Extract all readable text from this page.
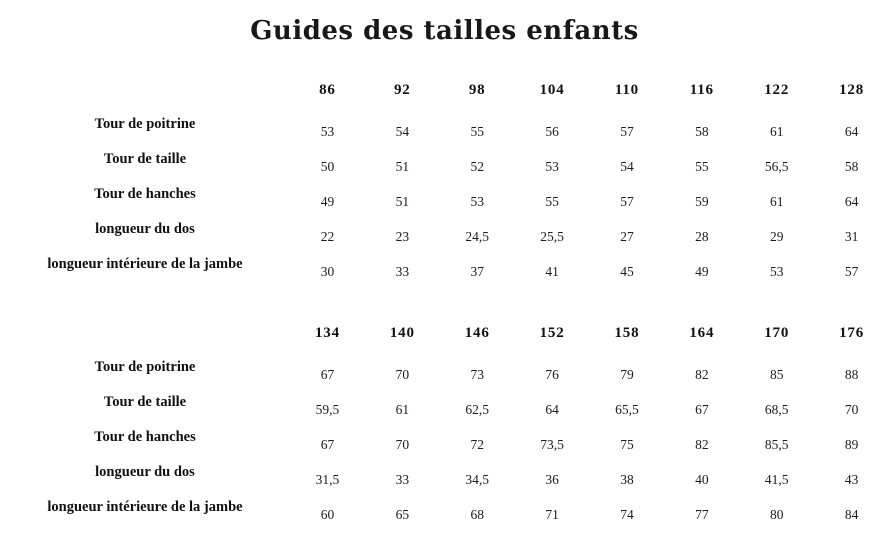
Guides des tailles enfants
86	92	98	104	110	116	122	128
Tour de poitrine	53	54	55	56	57	58	61	64
Tour de taille	50	51	52	53	54	55	56,5	58
Tour de hanches	49	51	53	55	57	59	61	64
longueur du dos	22	23	24,5	25,5	27	28	29	31
longueur intérieure de la jambe	30	33	37	41	45	49	53	57
134	140	146	152	158	164	170	176
Tour de poitrine	67	70	73	76	79	82	85	88
Tour de taille	59,5	61	62,5	64	65,5	67	68,5	70
Tour de hanches	67	70	72	73,5	75	82	85,5	89
longueur du dos	31,5	33	34,5	36	38	40	41,5	43
longueur intérieure de la jambe	60	65	68	71	74	77	80	84
